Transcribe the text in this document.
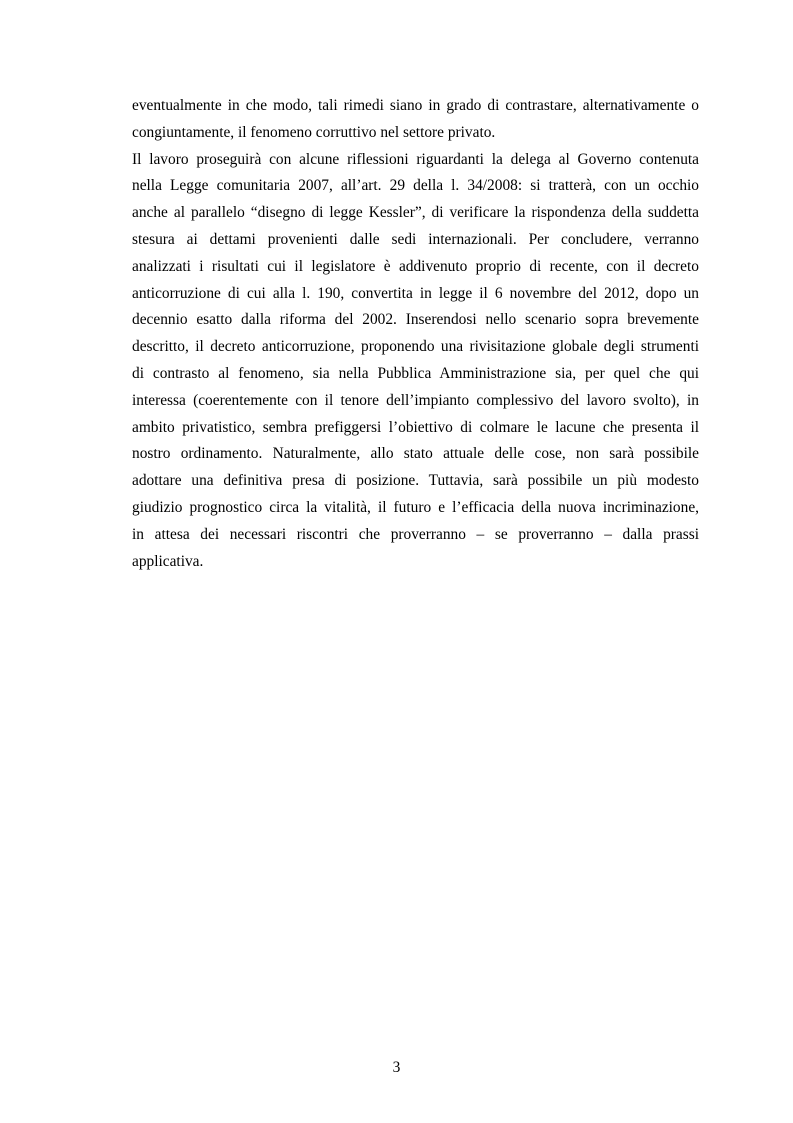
eventualmente in che modo, tali rimedi siano in grado di contrastare, alternativamente o
congiuntamente, il fenomeno corruttivo nel settore privato.
Il lavoro proseguirà con alcune riflessioni riguardanti la delega al Governo contenuta
nella Legge comunitaria 2007, all’art. 29 della l. 34/2008: si tratterà, con un occhio
anche al parallelo “disegno di legge Kessler”, di verificare la rispondenza della suddetta
stesura ai dettami provenienti dalle sedi internazionali. Per concludere, verranno
analizzati i risultati cui il legislatore è addivenuto proprio di recente, con il decreto
anticorruzione di cui alla l. 190, convertita in legge il 6 novembre del 2012, dopo un
decennio esatto dalla riforma del 2002. Inserendosi nello scenario sopra brevemente
descritto, il decreto anticorruzione, proponendo una rivisitazione globale degli strumenti
di contrasto al fenomeno, sia nella Pubblica Amministrazione sia, per quel che qui
interessa (coerentemente con il tenore dell’impianto complessivo del lavoro svolto), in
ambito privatistico, sembra prefiggersi l’obiettivo di colmare le lacune che presenta il
nostro ordinamento. Naturalmente, allo stato attuale delle cose, non sarà possibile
adottare una definitiva presa di posizione. Tuttavia, sarà possibile un più modesto
giudizio prognostico circa la vitalità, il futuro e l’efficacia della nuova incriminazione,
in attesa dei necessari riscontri che proverranno – se proverranno – dalla prassi
applicativa.
3
